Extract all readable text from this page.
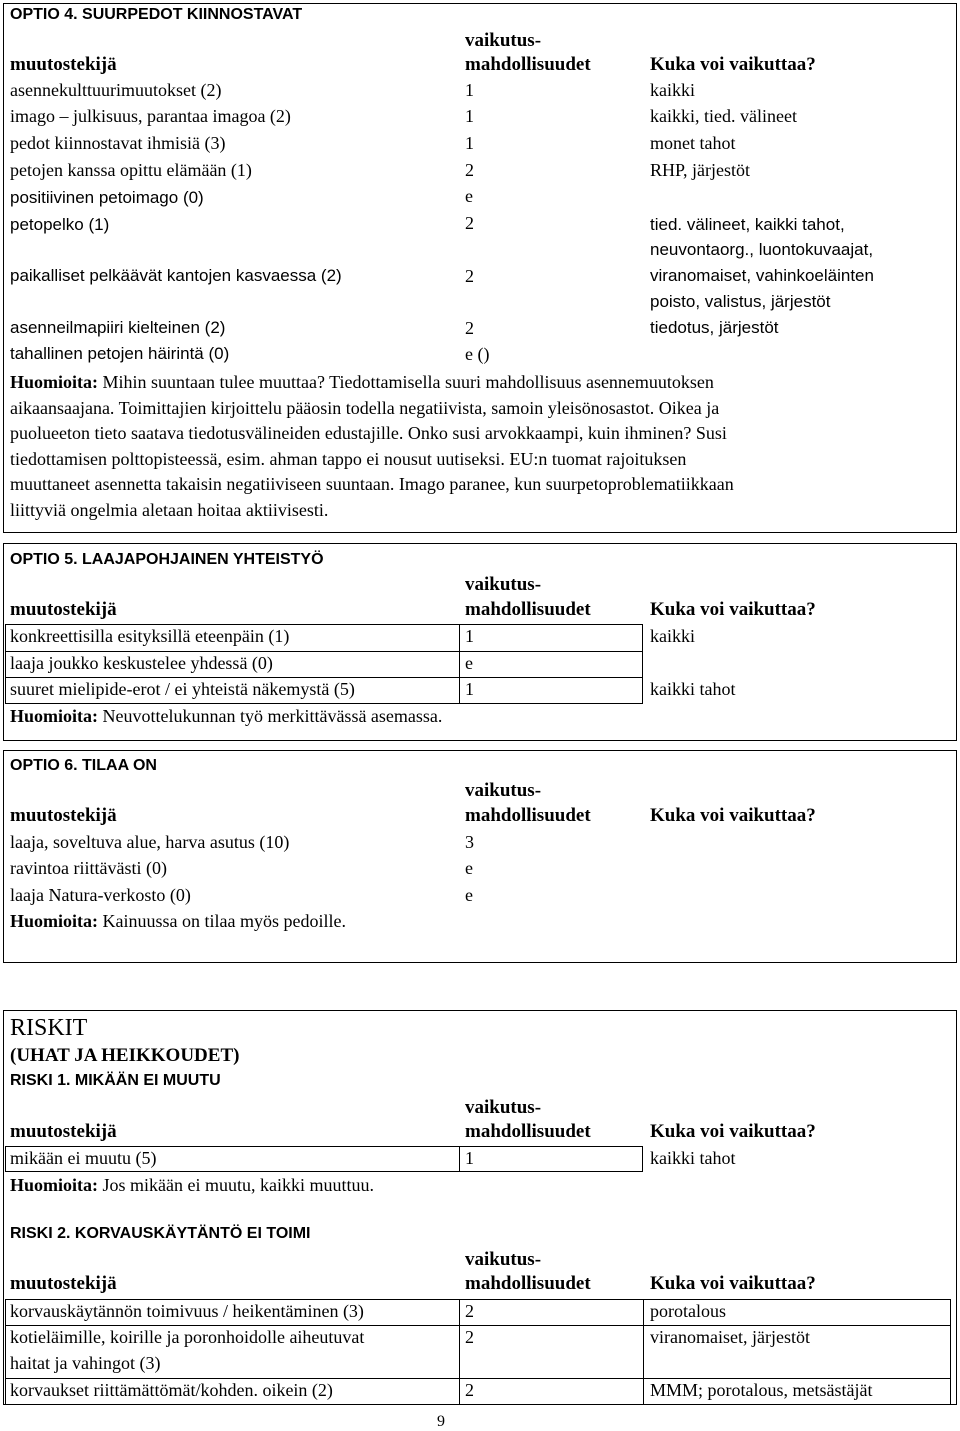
OPTIO 4. SUURPEDOT KIINNOSTAVAT
vaikutus-
muutostekijä	mahdollisuudet	Kuka voi vaikuttaa?
asennekulttuurimuutokset (2)	1	kaikki
imago – julkisuus, parantaa imagoa (2)	1	kaikki, tied. välineet
pedot kiinnostavat ihmisiä (3)	1	monet tahot
petojen kanssa opittu elämään (1)	2	RHP, järjestöt
positiivinen petoimago (0)	e
petopelko (1)	2	tied. välineet, kaikki tahot,
neuvontaorg., luontokuvaajat,
paikalliset pelkäävät kantojen kasvaessa (2)	2	viranomaiset, vahinkoeläinten
poisto, valistus, järjestöt
asenneilmapiiri kielteinen (2)	2	tiedotus, järjestöt
tahallinen petojen häirintä (0)	e ()
Huomioita: Mihin suuntaan tulee muuttaa? Tiedottamisella suuri mahdollisuus asennemuutoksen
aikaansaajana. Toimittajien kirjoittelu pääosin todella negatiivista, samoin yleisönosastot. Oikea ja
puolueeton tieto saatava tiedotusvälineiden edustajille. Onko susi arvokkaampi, kuin ihminen? Susi
tiedottamisen polttopisteessä, esim. ahman tappo ei nousut uutiseksi. EU:n tuomat rajoituksen
muuttaneet asennetta takaisin negatiiviseen suuntaan. Imago paranee, kun suurpetoproblematiikkaan
liittyviä ongelmia aletaan hoitaa aktiivisesti.
OPTIO 5. LAAJAPOHJAINEN YHTEISTYÖ
vaikutus-
muutostekijä	mahdollisuudet	Kuka voi vaikuttaa?
konkreettisilla esityksillä eteenpäin (1)	1	kaikki
laaja joukko keskustelee yhdessä (0)	e
suuret mielipide-erot / ei yhteistä näkemystä (5)	1	kaikki tahot
Huomioita: Neuvottelukunnan työ merkittävässä asemassa.
OPTIO 6. TILAA ON
vaikutus-
muutostekijä	mahdollisuudet	Kuka voi vaikuttaa?
laaja, soveltuva alue, harva asutus (10)	3
ravintoa riittävästi (0)	e
laaja Natura-verkosto (0)	e
Huomioita: Kainuussa on tilaa myös pedoille.
RISKIT
(UHAT JA HEIKKOUDET)
RISKI 1. MIKÄÄN EI MUUTU
vaikutus-
muutostekijä	mahdollisuudet	Kuka voi vaikuttaa?
mikään ei muutu (5)	1	kaikki tahot
Huomioita: Jos mikään ei muutu, kaikki muuttuu.
RISKI 2. KORVAUSKÄYTÄNTÖ EI TOIMI
vaikutus-
muutostekijä	mahdollisuudet	Kuka voi vaikuttaa?
korvauskäytännön toimivuus / heikentäminen (3)	2	porotalous
kotieläimille, koirille ja poronhoidolle aiheutuvat	2	viranomaiset, järjestöt
haitat ja vahingot (3)
korvaukset riittämättömät/kohden. oikein (2)	2	MMM; porotalous, metsästäjät
9
